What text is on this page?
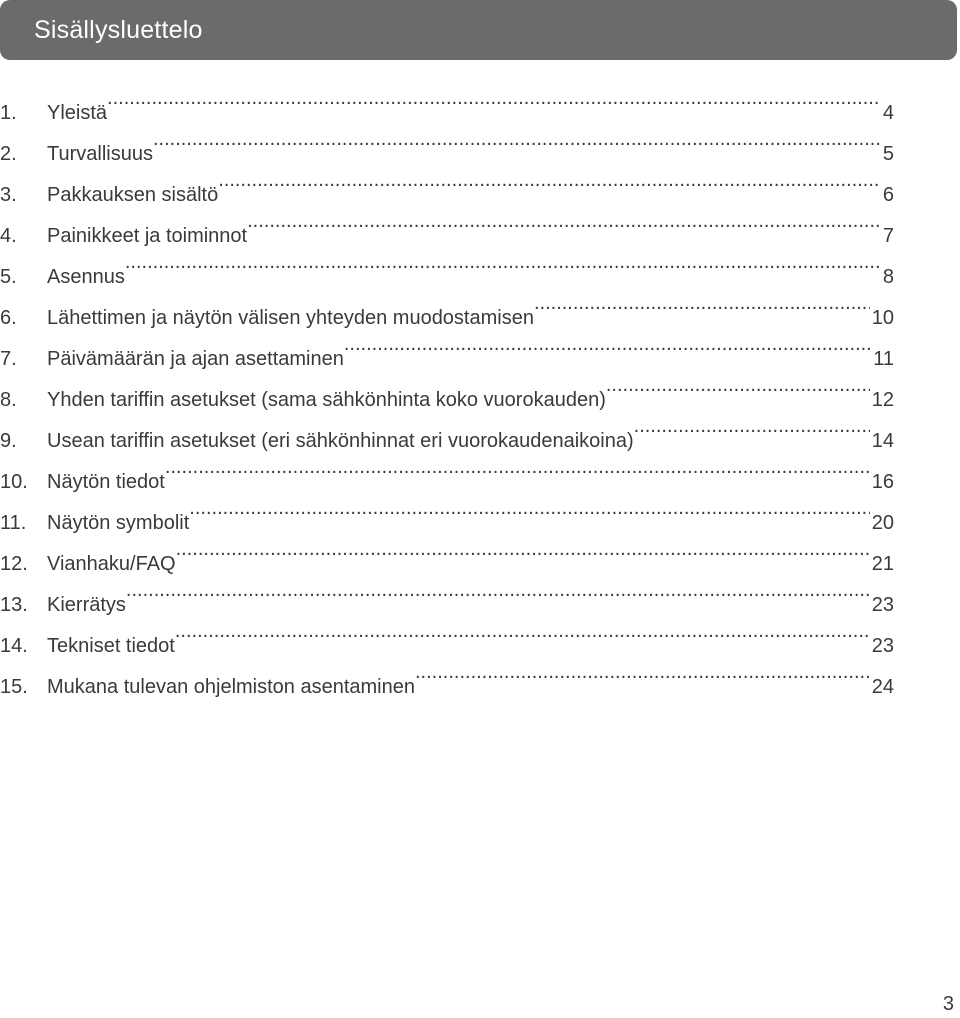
Sisällysluettelo
1.	Yleistä .....	4
2.	Turvallisuus .....	5
3.	Pakkauksen sisältö .....	6
4.	Painikkeet ja toiminnot .....	7
5.	Asennus .....	8
6.	Lähettimen ja näytön välisen yhteyden muodostamisen .....	10
7.	Päivämäärän ja ajan asettaminen .....	11
8.	Yhden tariffin asetukset (sama sähkönhinta koko vuorokauden) .....	12
9.	Usean tariffin asetukset (eri sähkönhinnat eri vuorokaudenaikoina) .....	14
10. Näytön tiedot .....	16
11.	Näytön symbolit .....	20
12. Vianhaku/FAQ .....	21
13. Kierrätys .....	23
14. Tekniset tiedot .....	23
15. Mukana tulevan ohjelmiston asentaminen .....	24
3
